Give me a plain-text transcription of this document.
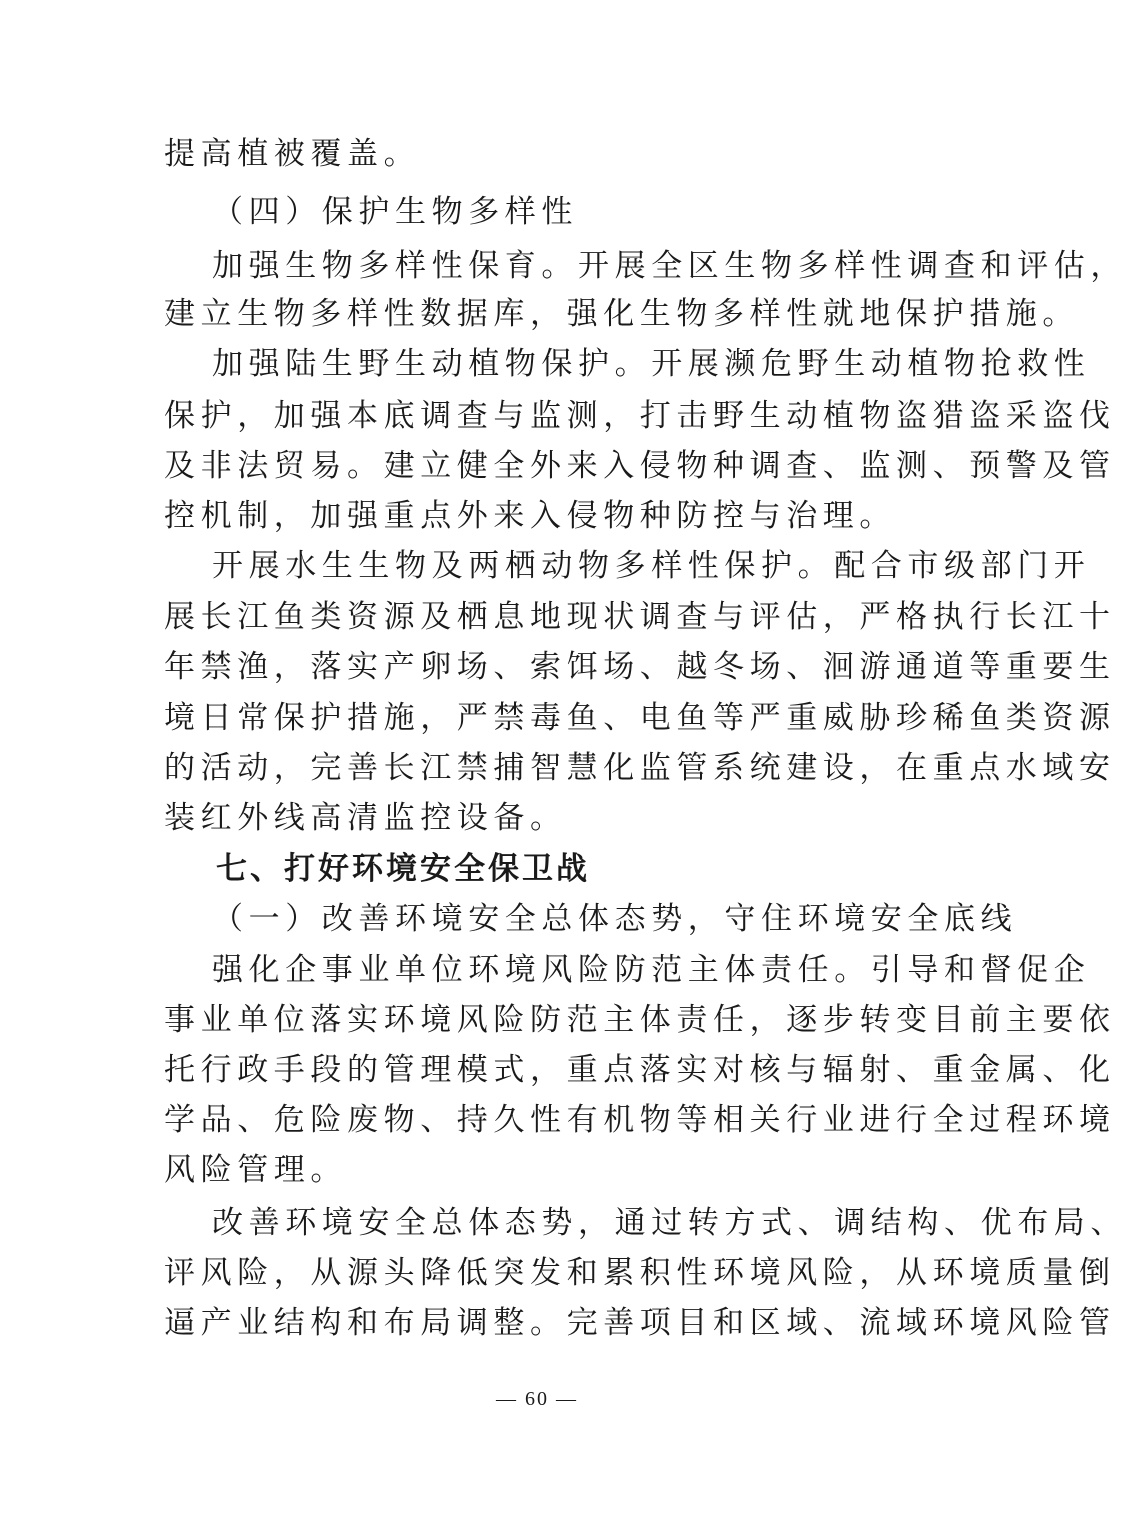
提高植被覆盖。
（四）保护生物多样性
加强生物多样性保育。开展全区生物多样性调查和评估，
建立生物多样性数据库，强化生物多样性就地保护措施。
加强陆生野生动植物保护。开展濒危野生动植物抢救性
保护，加强本底调查与监测，打击野生动植物盗猎盗采盗伐
及非法贸易。建立健全外来入侵物种调查、监测、预警及管
控机制，加强重点外来入侵物种防控与治理。
开展水生生物及两栖动物多样性保护。配合市级部门开
展长江鱼类资源及栖息地现状调查与评估，严格执行长江十
年禁渔，落实产卵场、索饵场、越冬场、洄游通道等重要生
境日常保护措施，严禁毒鱼、电鱼等严重威胁珍稀鱼类资源
的活动，完善长江禁捕智慧化监管系统建设，在重点水域安
装红外线高清监控设备。
七、打好环境安全保卫战
（一）改善环境安全总体态势，守住环境安全底线
强化企事业单位环境风险防范主体责任。引导和督促企
事业单位落实环境风险防范主体责任，逐步转变目前主要依
托行政手段的管理模式，重点落实对核与辐射、重金属、化
学品、危险废物、持久性有机物等相关行业进行全过程环境
风险管理。
改善环境安全总体态势，通过转方式、调结构、优布局、
评风险，从源头降低突发和累积性环境风险，从环境质量倒
逼产业结构和布局调整。完善项目和区域、流域环境风险管
— 60 —
